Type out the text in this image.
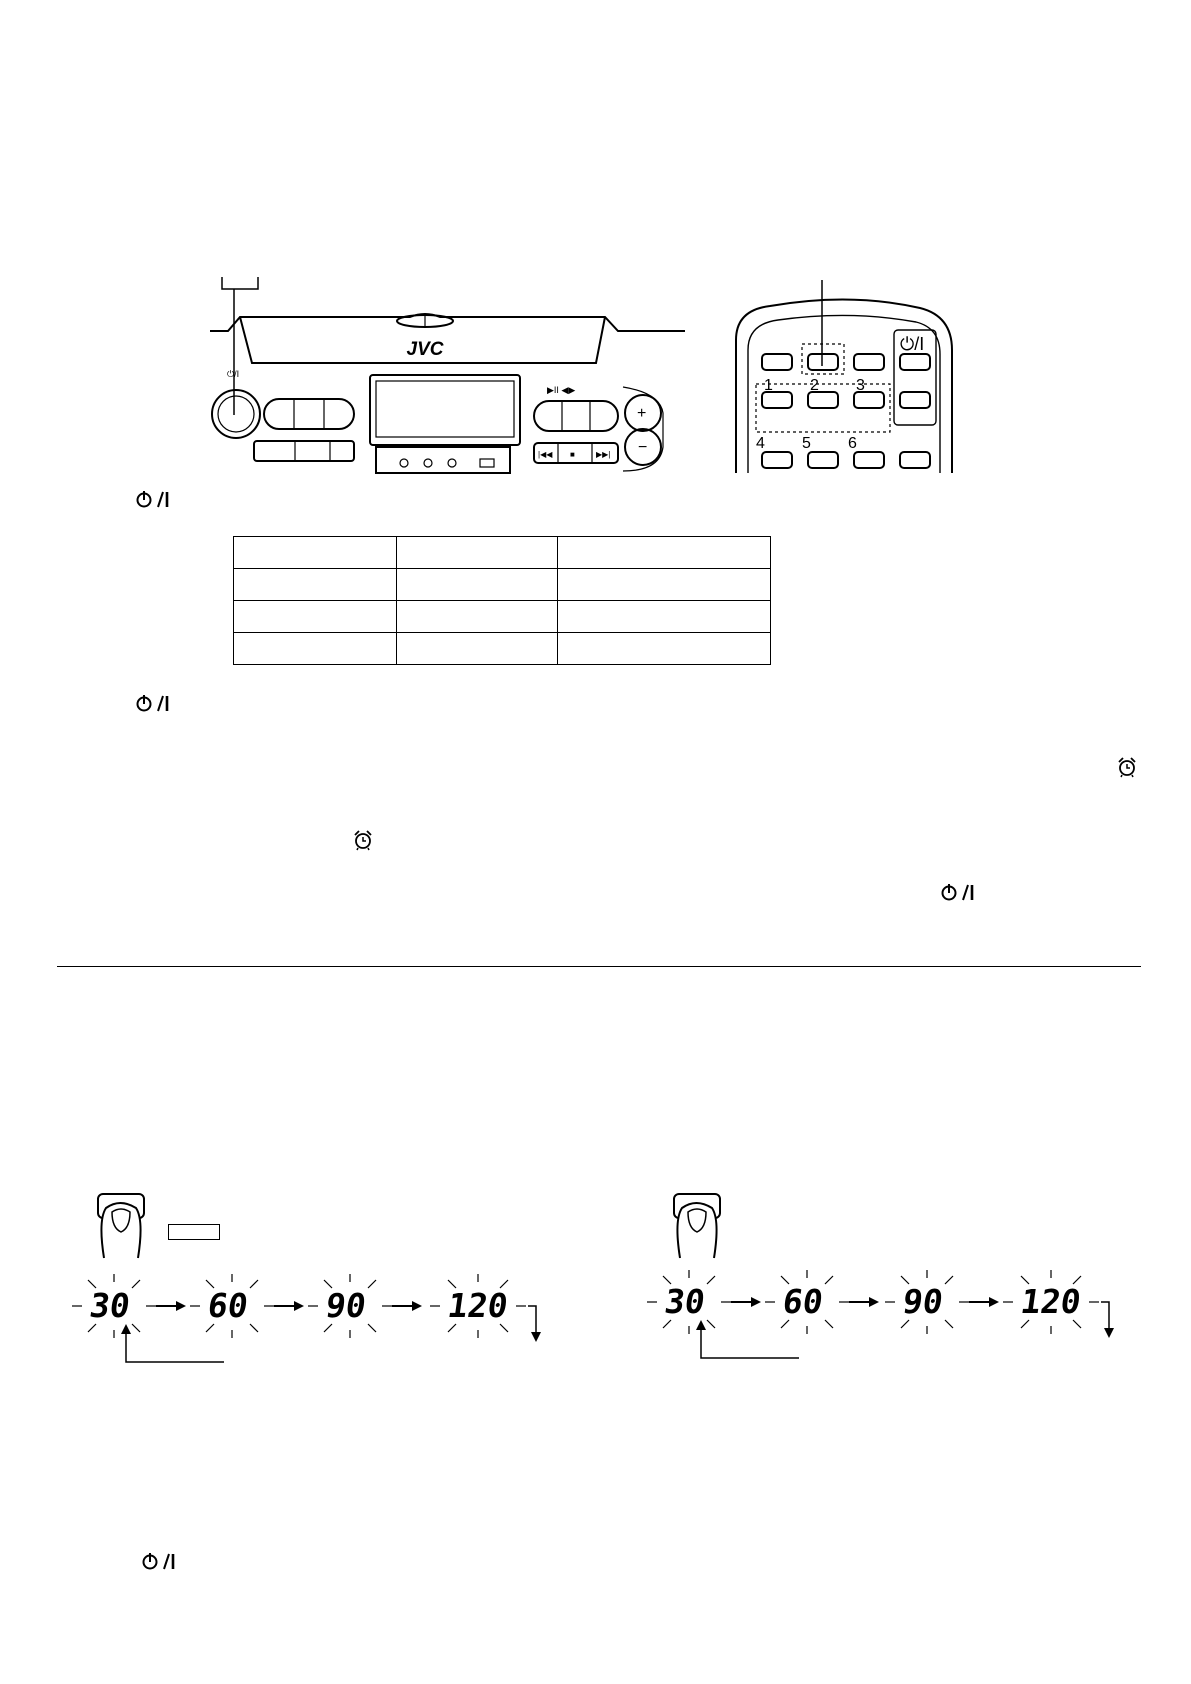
⏻/I
▶II ◀▶
|◀◀ ■	▶▶|
+
−
JVC
1 2 3
4 5 6
⏻/I

30 60 90 120	30 60 90 120
